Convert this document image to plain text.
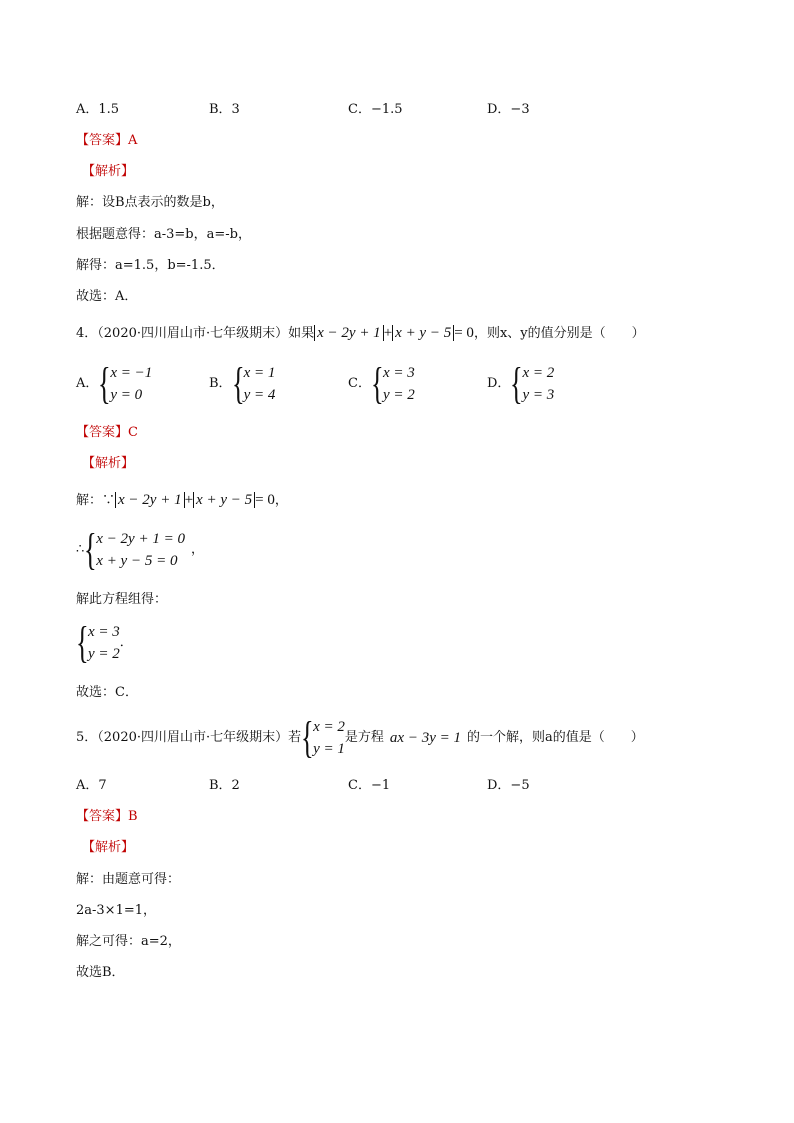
A．1.5	B．3	C．−1.5	D．−3
【答案】A
【解析】
解：设B点表示的数是b，
根据题意得：a-3=b，a=-b，
解得：a=1.5，b=-1.5．
故选：A．
4．（2020·四川眉山市·七年级期末）如果 x − 2y + 1 + x + y − 5 = 0，则x、y的值分别是（　　）
A． { x = −1
y = 0
B． { x = 1
y = 4
C． { x = 3
y = 2
D． { x = 2
y = 3
【答案】C
【解析】
解：∵ x − 2y + 1 + x + y − 5 = 0，
∴ { x − 2y + 1 = 0
x + y − 5 = 0
，
解此方程组得：
{ x = 3
y = 2
．
故选：C．
5．（2020·四川眉山市·七年级期末）若 { x = 2
y = 1
是方程 ax − 3y = 1 的一个解，则a的值是（　　）
A．7	B．2	C．−1	D．−5
【答案】B
【解析】
解：由题意可得：
2a-3×1=1，
解之可得：a=2，
故选B．
